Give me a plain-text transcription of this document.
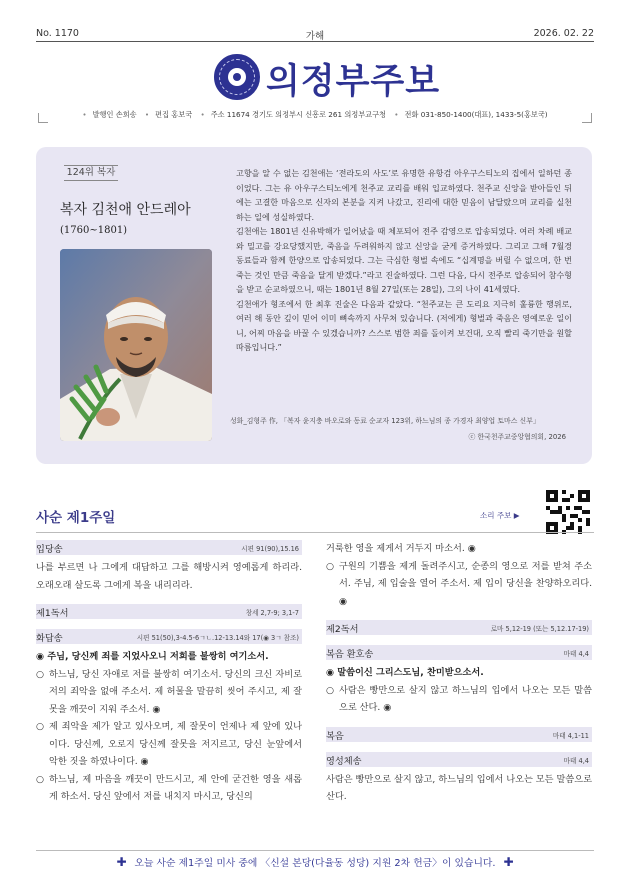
No. 1170	가해	2026. 02. 22
의정부주보
• 발행인 손희송 • 편집 홍보국 • 주소 11674 경기도 의정부시 신흥로 261 의정부교구청 • 전화 031-850-1400(대표), 1433-5(홍보국)
124위 복자
복자 김천애 안드레아
(1760~1801)

고향을 알 수 없는 김천애는 ‘전라도의 사도’로 유명한 유항검 아우구스티노의 집에서 일하던 종이었다. 그는 유 아우구스티노에게 천주교 교리를 배워 입교하였다. 천주교 신앙을 받아들인 뒤에는 고결한 마음으로 신자의 본분을 지켜 나갔고, 진리에 대한 믿음이 남달랐으며 교리를 실천하는 일에 성실하였다.

김천애는 1801년 신유박해가 일어났을 때 체포되어 전주 감영으로 압송되었다. 여러 차례 배교와 밀고를 강요당했지만, 죽음을 두려워하지 않고 신앙을 굳게 증거하였다. 그리고 그해 7월경 동료들과 함께 한양으로 압송되었다. 그는 극심한 형벌 속에도 “십계명을 버릴 수 없으며, 한 번 죽는 것인 만큼 죽음을 달게 받겠다.”라고 진술하였다. 그런 다음, 다시 전주로 압송되어 참수형을 받고 순교하였으니, 때는 1801년 8월 27일(또는 28일), 그의 나이 41세였다.

김천애가 형조에서 한 최후 진술은 다음과 같았다. “천주교는 큰 도리요 지극히 훌륭한 행위로, 여러 해 동안 깊이 믿어 이미 뼈속까지 사무쳐 있습니다. (저에게) 형벌과 죽음은 영예로운 일이니, 어찌 마음을 바꿀 수 있겠습니까? 스스로 범한 죄를 돌이켜 보건대, 오직 빨리 죽기만을 원할 따름입니다.”

성화_김형주 作, 「복자 윤지충 바오로와 동료 순교자 123위, 하느님의 종 가경자 최양업 토마스 신부」
ⓒ 한국천주교중앙협의회, 2026
사순 제1주일	소리 주보 ▶
입당송	시편 91(90),15.16
나를 부르면 나 그에게 대답하고 그를 해방시켜 영예롭게 하리라. 오래오래 살도록 그에게 복을 내리리라.
제1독서	창세 2,7-9; 3,1-7
화답송	시편 51(50),3-4.5-6ㄱㄴ.12-13.14와 17(◉ 3ㄱ 참조)
◉ 주님, 당신께 죄를 지었사오니 저희를 불쌍히 여기소서.
○ 하느님, 당신 자애로 저를 불쌍히 여기소서. 당신의 크신 자비로 저의 죄악을 없애 주소서. 제 허물을 말끔히 씻어 주시고, 제 잘못을 깨끗이 지워 주소서. ◉
○ 제 죄악을 제가 알고 있사오며, 제 잘못이 언제나 제 앞에 있나이다. 당신께, 오로지 당신께 잘못을 저지르고, 당신 눈앞에서 악한 짓을 하였나이다. ◉
○ 하느님, 제 마음을 깨끗이 만드시고, 제 안에 굳건한 영을 새롭게 하소서. 당신 앞에서 저를 내치지 마시고, 당신의
거룩한 영을 제게서 거두지 마소서. ◉
○ 구원의 기쁨을 제게 돌려주시고, 순종의 영으로 저를 받쳐 주소서. 주님, 제 입술을 열어 주소서. 제 입이 당신을 찬양하오리다. ◉
제2독서	로마 5,12-19 (또는 5,12.17-19)
복음 환호송	마태 4,4
◉ 말씀이신 그리스도님, 찬미받으소서.
○ 사람은 빵만으로 살지 않고 하느님의 입에서 나오는 모든 말씀으로 산다. ◉
복음	마태 4,1-11
영성체송	마태 4,4
사람은 빵만으로 살지 않고, 하느님의 입에서 나오는 모든 말씀으로 산다.
✚ 오늘 사순 제1주일 미사 중에 〈신설 본당(다율동 성당) 지원 2차 헌금〉이 있습니다. ✚
